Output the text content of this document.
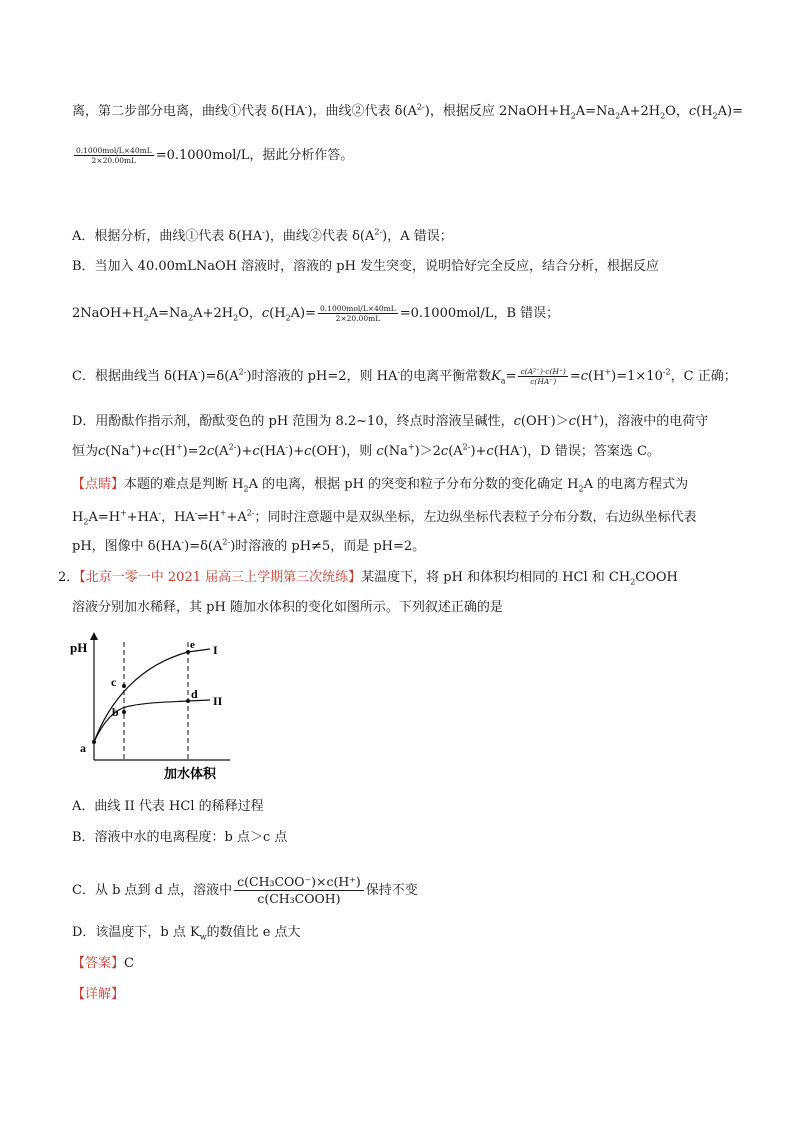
离，第二步部分电离，曲线①代表 δ(HA-)，曲线②代表 $\delta(A^{2-})$，根据反应 $2NaOH+H_2A=Na_2A+2H_2O$，$c(H_2A)=$
$\frac{\text{0.1000mol/L×40mL}}{2\times 20.00mL} =0.1000mol/L$，据此分析作答。
A．根据分析，曲线①代表 δ(HA-)，曲线②代表 $\delta(A^{2-})$，A 错误；
B．当加入 40.00mLNaOH 溶液时，溶液的 pH 发生突变，说明恰好完全反应，结合分析，根据反应
$2NaOH+H_2A=Na_2A+2H_2O$，$c(H_2A)= \frac{\text{0.1000mol/L×40mL}}{2\times 20.00mL} =0.1000mol/L$，B 错误；
C．根据曲线当 $\delta(HA^-)=\delta(A^{2-})$时溶液的 pH=2，则 HA-的电离平衡常数$K_a= \frac{\text{c(A²⁻)·c(H⁺)}}{c(HA^-)} =c(H^+)=1\times 10^{-2}$，C 正确；
D．用酚酞作指示剂，酚酞变色的 pH 范围为 8.2~10，终点时溶液呈碱性，c(OH-)＞c(H+)，溶液中的电荷守
恒为$c(Na^+)+c(H^+)=2c(A^{2-})+c(HA^-)+c(OH^-)$，则 $c(Na^+)>2c(A^{2-})+c(HA^-)$，D 错误；答案选 C。
【点睛】本题的难点是判断 $H_2A$ 的电离，根据 pH 的突变和粒子分布分数的变化确定 $H_2A$ 的电离方程式为
$H_2A=H^++HA^-$，$HA^-\rightleftharpoons H^++A^{2-}$；同时注意题中是双纵坐标，左边纵坐标代表粒子分布分数，右边纵坐标代表
pH，图像中 $\delta(HA^-)=\delta(A^{2-})$时溶液的 pH≠5，而是 pH=2。
2．【北京一零一中 2021 届高三上学期第三次统练】某温度下，将 pH 和体积均相同的 HCl 和 $CH_2COOH$
溶液分别加水稀释，其 pH 随加水体积的变化如图所示。下列叙述正确的是
pH
a
b
c
d
e I
II
加水体积
A．曲线 II 代表 HCl 的稀释过程
B．溶液中水的电离程度：b 点＞c 点
C．从 b 点到 d 点，溶液中 $\frac{\text{c(CH₃COO⁻)×c(H⁺)}}{\text{c(CH₃COOH)}}$ 保持不变
D．该温度下，b 点 $K_w$的数值比 e 点大
【答案】C
【详解】
